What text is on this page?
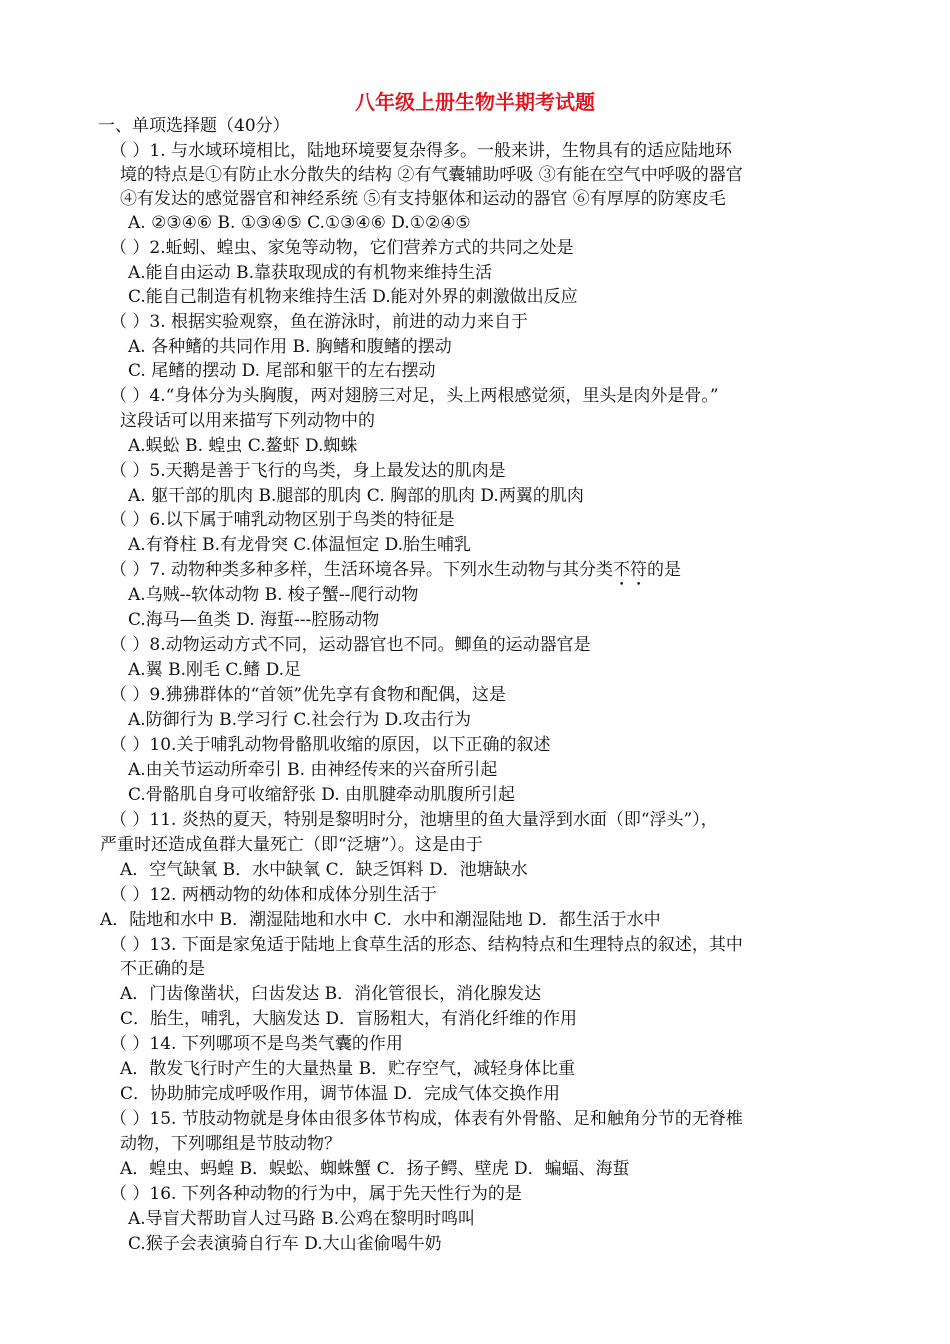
八年级上册生物半期考试题
一、单项选择题（40分）
（ ）1. 与水域环境相比，陆地环境要复杂得多。一般来讲，生物具有的适应陆地环
境的特点是①有防止水分散失的结构 ②有气囊辅助呼吸 ③有能在空气中呼吸的器官
④有发达的感觉器官和神经系统 ⑤有支持躯体和运动的器官 ⑥有厚厚的防寒皮毛
A. ②③④⑥ B. ①③④⑤ C.①③④⑥ D.①②④⑤
（ ）2.蚯蚓、蝗虫、家兔等动物，它们营养方式的共同之处是
A.能自由运动 B.靠获取现成的有机物来维持生活
C.能自己制造有机物来维持生活 D.能对外界的刺激做出反应
（ ）3. 根据实验观察，鱼在游泳时，前进的动力来自于
A. 各种鳍的共同作用 B. 胸鳍和腹鳍的摆动
C. 尾鳍的摆动 D. 尾部和躯干的左右摆动
（ ）4.“身体分为头胸腹，两对翅膀三对足，头上两根感觉须，里头是肉外是骨。”
这段话可以用来描写下列动物中的
A.蜈蚣 B. 蝗虫 C.鳌虾 D.蜘蛛
（ ）5.天鹅是善于飞行的鸟类，身上最发达的肌肉是
A. 躯干部的肌肉 B.腿部的肌肉 C. 胸部的肌肉 D.两翼的肌肉
（ ）6.以下属于哺乳动物区别于鸟类的特征是
A.有脊柱 B.有龙骨突 C.体温恒定 D.胎生哺乳
（ ）7. 动物种类多种多样，生活环境各异。下列水生动物与其分类不符的是
A.乌贼--软体动物 B. 梭子蟹--爬行动物
C.海马—鱼类 D. 海蜇---腔肠动物
（ ）8.动物运动方式不同，运动器官也不同。鲫鱼的运动器官是
A.翼 B.刚毛 C.鳍 D.足
（ ）9.狒狒群体的“首领”优先享有食物和配偶，这是
A.防御行为 B.学习行 C.社会行为 D.攻击行为
（ ）10.关于哺乳动物骨骼肌收缩的原因，以下正确的叙述
A.由关节运动所牵引 B. 由神经传来的兴奋所引起
C.骨骼肌自身可收缩舒张 D. 由肌腱牵动肌腹所引起
（ ）11. 炎热的夏天，特别是黎明时分，池塘里的鱼大量浮到水面（即“浮头”），
严重时还造成鱼群大量死亡（即“泛塘”）。这是由于
A．空气缺氧 B．水中缺氧 C．缺乏饵料 D．池塘缺水
（ ）12. 两栖动物的幼体和成体分别生活于
A．陆地和水中 B．潮湿陆地和水中 C．水中和潮湿陆地 D．都生活于水中
（ ）13. 下面是家兔适于陆地上食草生活的形态、结构特点和生理特点的叙述，其中
不正确的是
A．门齿像凿状，臼齿发达 B．消化管很长，消化腺发达
C．胎生，哺乳，大脑发达 D．盲肠粗大，有消化纤维的作用
（ ）14. 下列哪项不是鸟类气囊的作用
A．散发飞行时产生的大量热量 B．贮存空气，减轻身体比重
C．协助肺完成呼吸作用，调节体温 D．完成气体交换作用
（ ）15. 节肢动物就是身体由很多体节构成，体表有外骨骼、足和触角分节的无脊椎
动物，下列哪组是节肢动物？
A．蝗虫、蚂蝗 B．蜈蚣、蜘蛛蟹 C．扬子鳄、壁虎 D．蝙蝠、海蜇
（ ）16. 下列各种动物的行为中，属于先天性行为的是
A.导盲犬帮助盲人过马路 B.公鸡在黎明时鸣叫
C.猴子会表演骑自行车 D.大山雀偷喝牛奶
